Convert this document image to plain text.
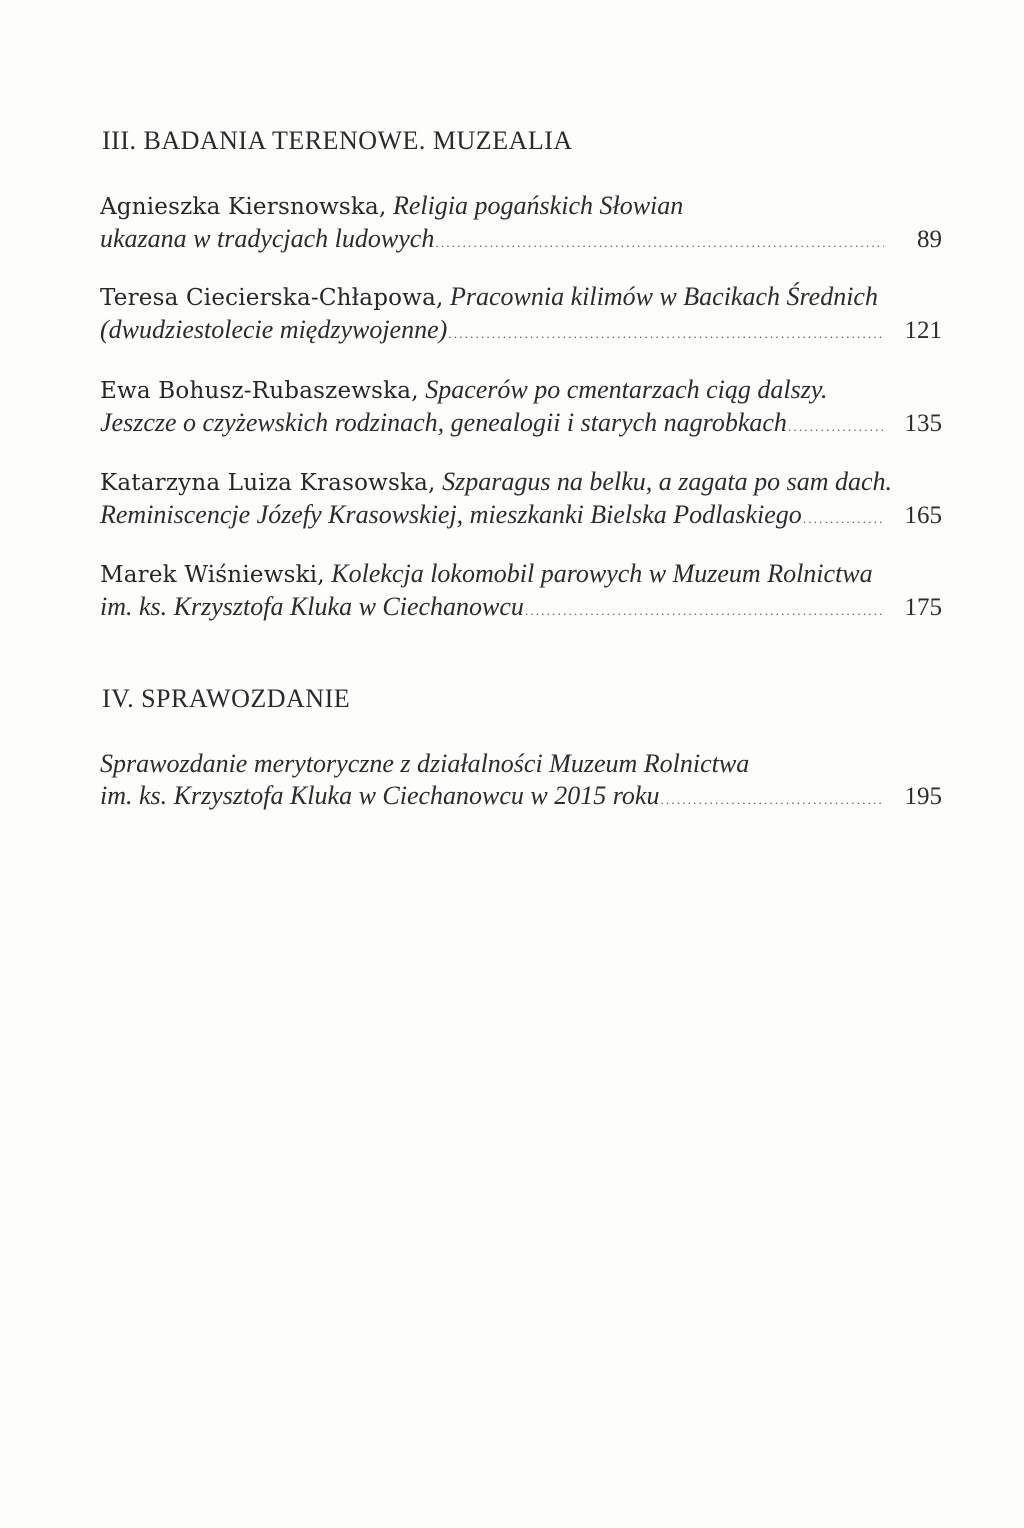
III. BADANIA TERENOWE. MUZEALIA
Agnieszka Kiersnowska, Religia pogańskich Słowian
ukazana w tradycjach ludowych .....	89
Teresa Ciecierska-Chłapowa, Pracownia kilimów w Bacikach Średnich
(dwudziestolecie międzywojenne) .....	121
Ewa Bohusz-Rubaszewska, Spacerów po cmentarzach ciąg dalszy.
Jeszcze o czyżewskich rodzinach, genealogii i starych nagrobkach .....	135
Katarzyna Luiza Krasowska, Szparagus na belku, a zagata po sam dach.
Reminiscencje Józefy Krasowskiej, mieszkanki Bielska Podlaskiego .....	165
Marek Wiśniewski, Kolekcja lokomobil parowych w Muzeum Rolnictwa
im. ks. Krzysztofa Kluka w Ciechanowcu .....	175
IV. SPRAWOZDANIE
Sprawozdanie merytoryczne z działalności Muzeum Rolnictwa
im. ks. Krzysztofa Kluka w Ciechanowcu w 2015 roku .....	195
